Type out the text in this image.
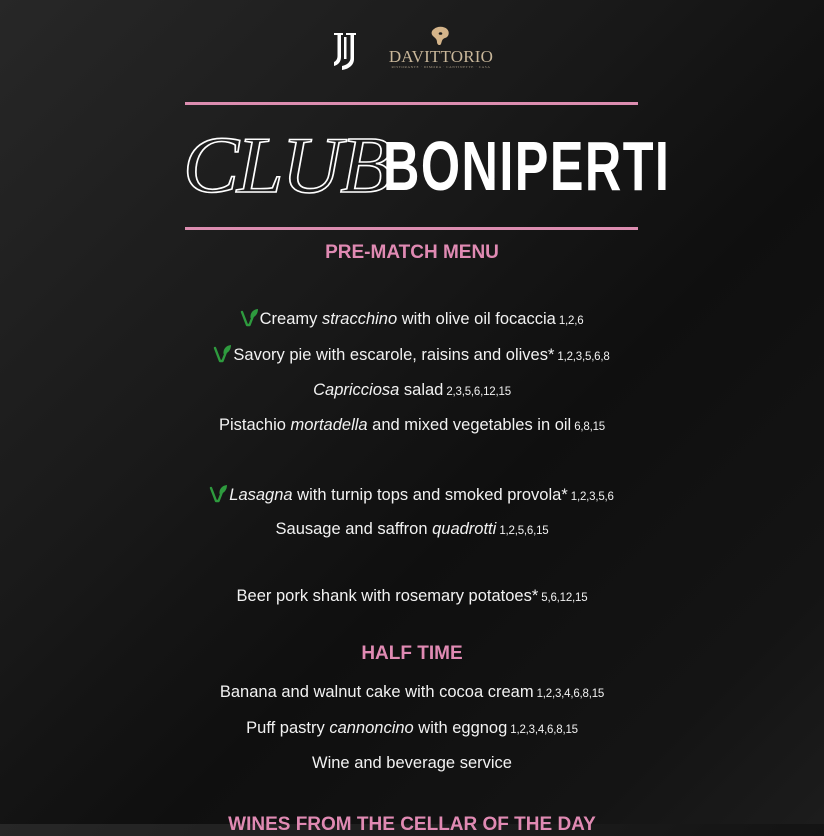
DAVITTORIO
RISTORANTE · DIMORA · CANTINETTE · CASA
CLUB
BONIPERTI
PRE-MATCH MENU
Creamy stracchino with olive oil focaccia 1,2,6
Savory pie with escarole, raisins and olives* 1,2,3,5,6,8
Capricciosa salad 2,3,5,6,12,15
Pistachio mortadella and mixed vegetables in oil 6,8,15
Lasagna with turnip tops and smoked provola* 1,2,3,5,6
Sausage and saffron quadrotti 1,2,5,6,15
Beer pork shank with rosemary potatoes* 5,6,12,15
HALF TIME
Banana and walnut cake with cocoa cream 1,2,3,4,6,8,15
Puff pastry cannoncino with eggnog 1,2,3,4,6,8,15
Wine and beverage service
WINES FROM THE CELLAR OF THE DAY
